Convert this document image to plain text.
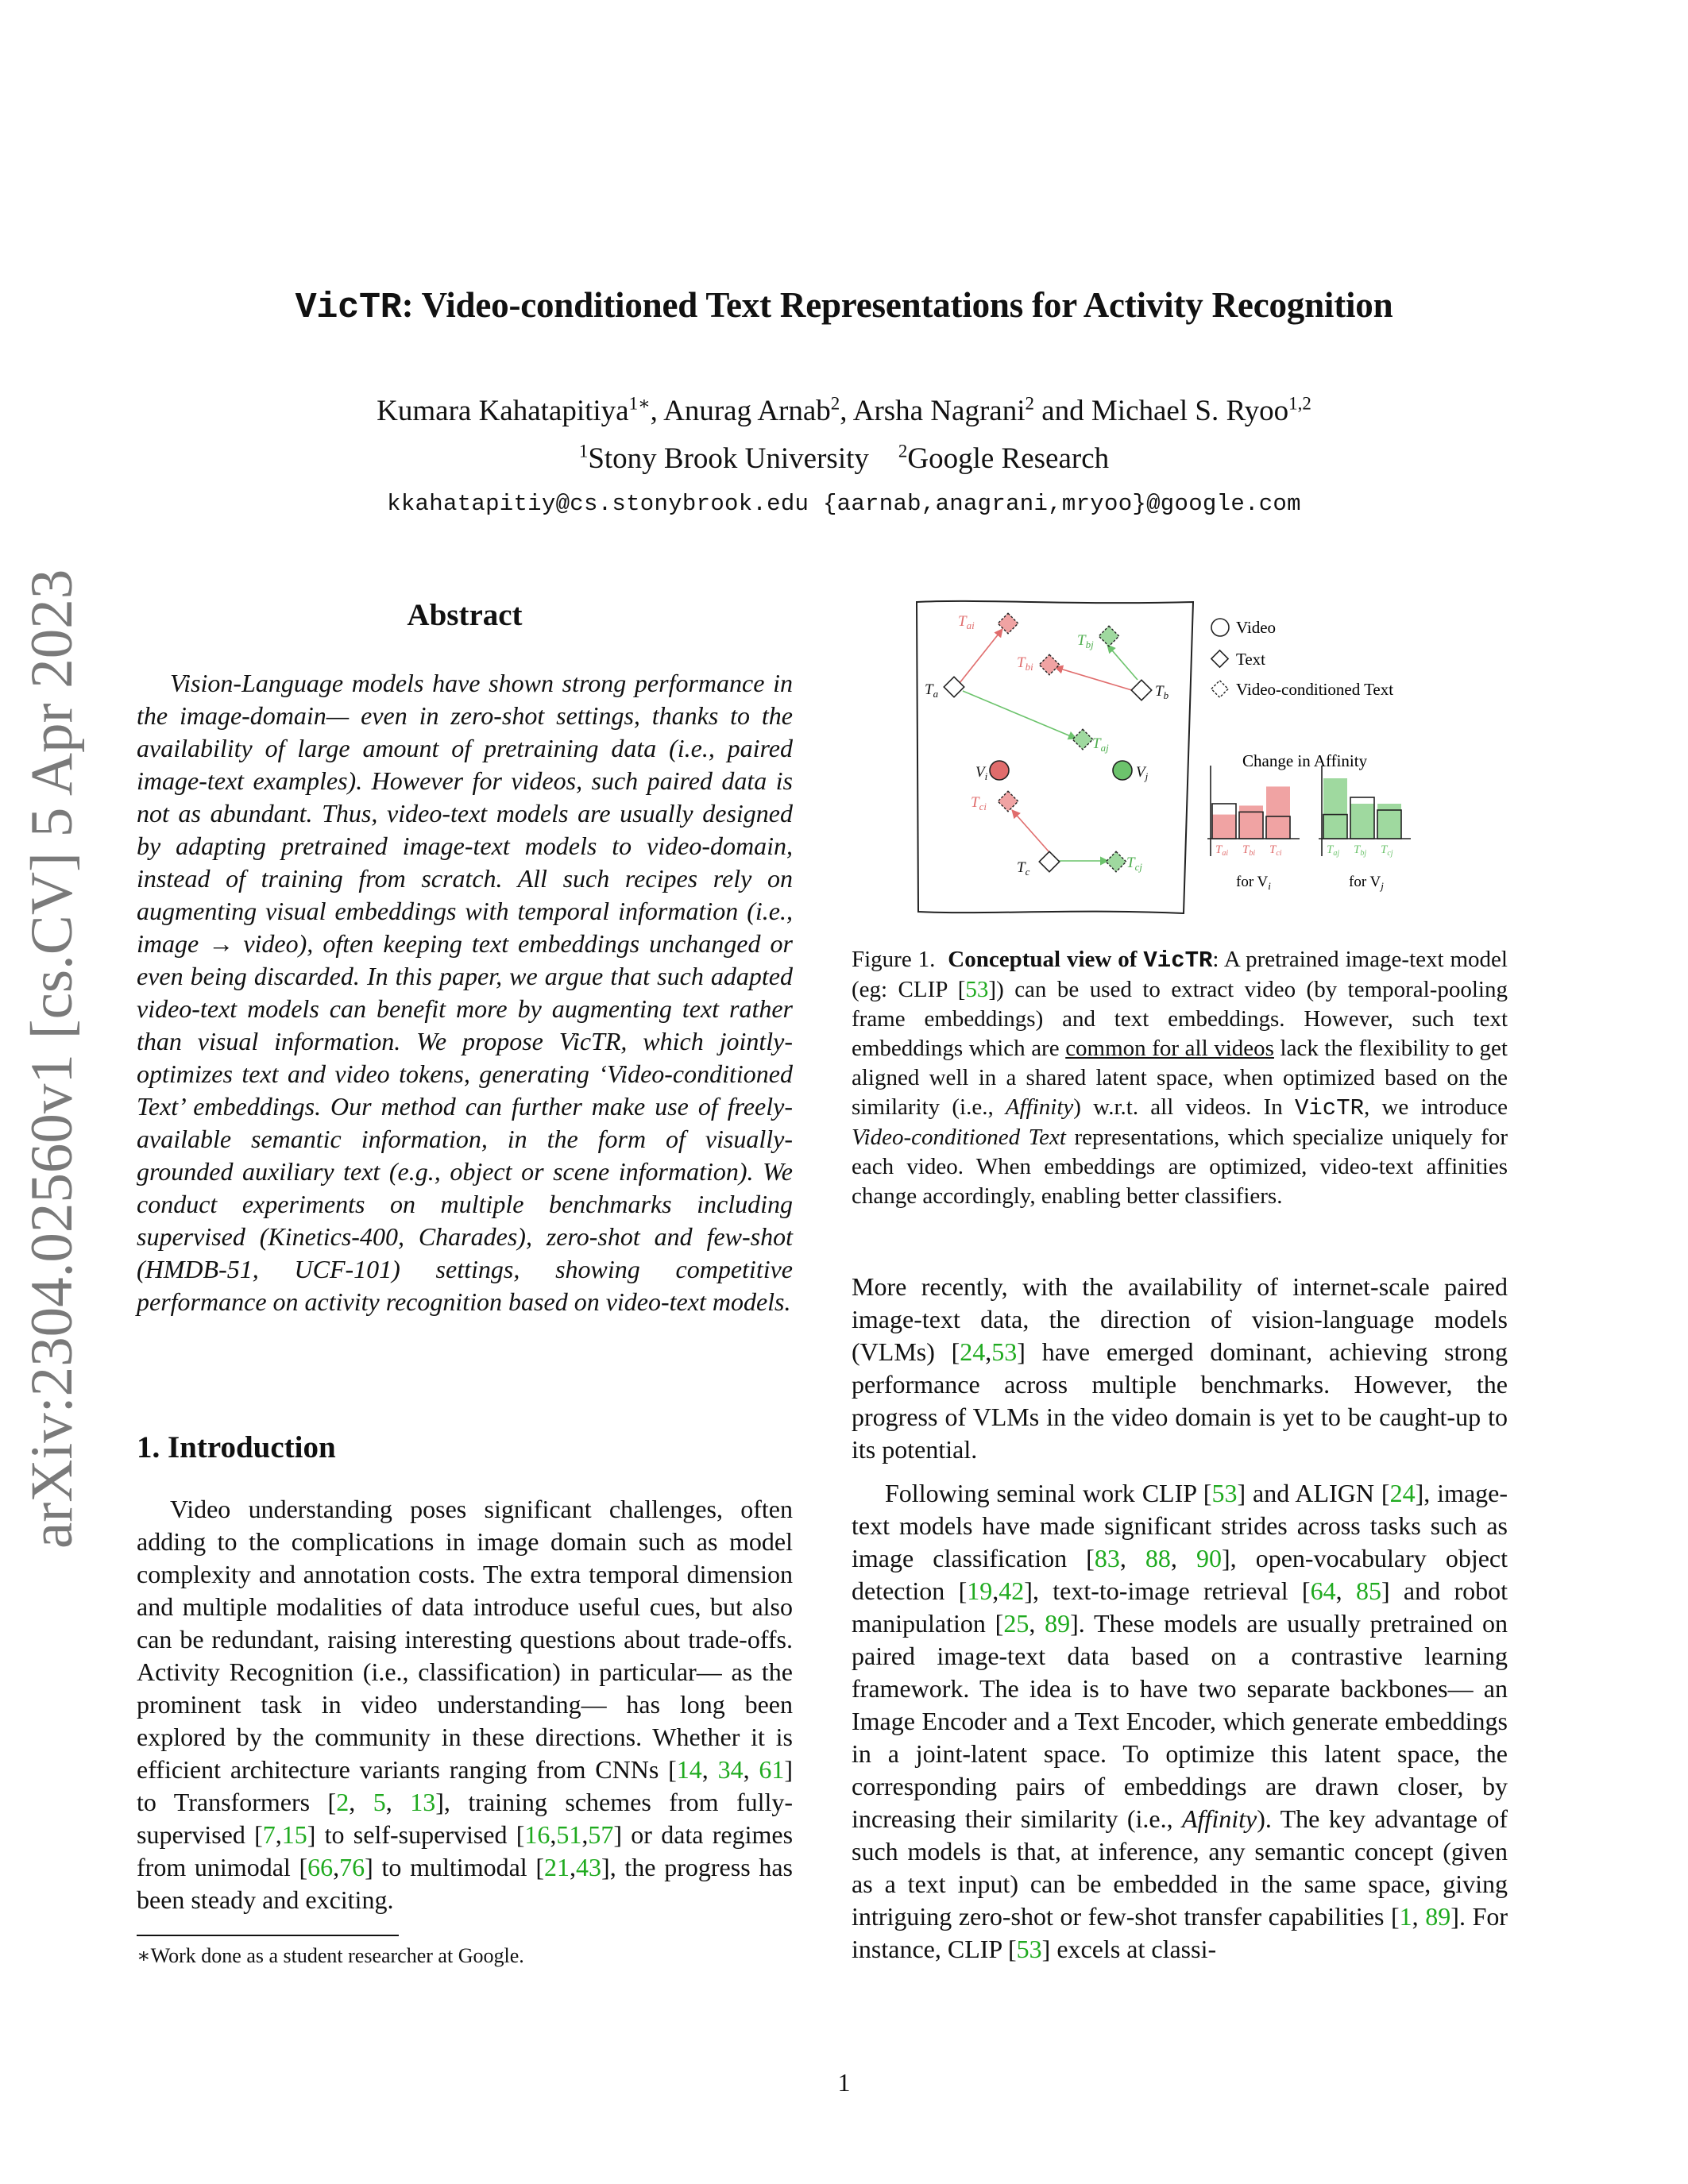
VicTR: Video-conditioned Text Representations for Activity Recognition
Kumara Kahatapitiya$^{1∗}$, Anurag Arnab$^2$, Arsha Nagrani$^2$ and Michael S. Ryoo$^{1,2}$
$^1$Stony Brook University $^2$Google Research
kkahatapitiy@cs.stonybrook.edu {aarnab,anagrani,mryoo}@google.com
arXiv:2304.02560v1 [cs.CV] 5 Apr 2023	Abstract
Vision-Language models have shown strong performance in the image-domain— even in zero-shot settings, thanks to the availability of large amount of pretraining data (i.e., paired image-text examples). However for videos, such paired data is not as abundant. Thus, video-text models are usually designed by adapting pretrained image-text models to video-domain, instead of training from scratch. All such recipes rely on augmenting visual embeddings with temporal information (i.e., image → video), often keeping text embeddings unchanged or even being discarded. In this paper, we argue that such adapted video-text models can benefit more by augmenting text rather than visual information. We propose VicTR, which jointly-optimizes text and video tokens, generating ‘Video-conditioned Text’ embeddings. Our method can further make use of freely-available semantic information, in the form of visually-grounded auxiliary text (e.g., object or scene information). We conduct experiments on multiple benchmarks including supervised (Kinetics-400, Charades), zero-shot and few-shot (HMDB-51, UCF-101) settings, showing competitive performance on activity recognition based on video-text models.
1. Introduction

Video understanding poses significant challenges, often adding to the complications in image domain such as model complexity and annotation costs. The extra temporal dimension and multiple modalities of data introduce useful cues, but also can be redundant, raising interesting questions about trade-offs. Activity Recognition (i.e., classification) in particular— as the prominent task in video understanding— has long been explored by the community in these directions. Whether it is efficient architecture variants ranging from CNNs [14, 34, 61] to Transformers [2, 5, 13], training schemes from fully-supervised [7,15] to self-supervised [16,51,57] or data regimes from unimodal [66,76] to multimodal [21,43], the progress has been steady and exciting.

∗Work done as a student researcher at Google.
$T_{ai}$
$T_{bi}$
$T_{ci}$
$T_{bj}$
$T_{aj}$
$T_{cj}$
$T_a$	$T_b$
$T_c$
$V_i$	$V_j$
Video
Text
Video-conditioned Text
Change in Affinity
$T_{ai}$ $T_{bi}$ $T_{ci}$	$T_{aj}$ $T_{bj}$ $T_{cj}$
for $V_i$	for $V_j$
Figure 1. Conceptual view of VicTR: A pretrained image-text model (eg: CLIP [53]) can be used to extract video (by temporal-pooling frame embeddings) and text embeddings. However, such text embeddings which are common for all videos lack the flexibility to get aligned well in a shared latent space, when optimized based on the similarity (i.e., Affinity) w.r.t. all videos. In VicTR, we introduce Video-conditioned Text representations, which specialize uniquely for each video. When embeddings are optimized, video-text affinities change accordingly, enabling better classifiers.

More recently, with the availability of internet-scale paired image-text data, the direction of vision-language models (VLMs) [24,53] have emerged dominant, achieving strong performance across multiple benchmarks. However, the progress of VLMs in the video domain is yet to be caught-up to its potential.

Following seminal work CLIP [53] and ALIGN [24], image-text models have made significant strides across tasks such as image classification [83, 88, 90], open-vocabulary object detection [19,42], text-to-image retrieval [64, 85] and robot manipulation [25, 89]. These models are usually pretrained on paired image-text data based on a contrastive learning framework. The idea is to have two separate backbones— an Image Encoder and a Text Encoder, which generate embeddings in a joint-latent space. To optimize this latent space, the corresponding pairs of embeddings are drawn closer, by increasing their similarity (i.e., Affinity). The key advantage of such models is that, at inference, any semantic concept (given as a text input) can be embedded in the same space, giving intriguing zero-shot or few-shot transfer capabilities [1, 89]. For instance, CLIP [53] excels at classi-

1
